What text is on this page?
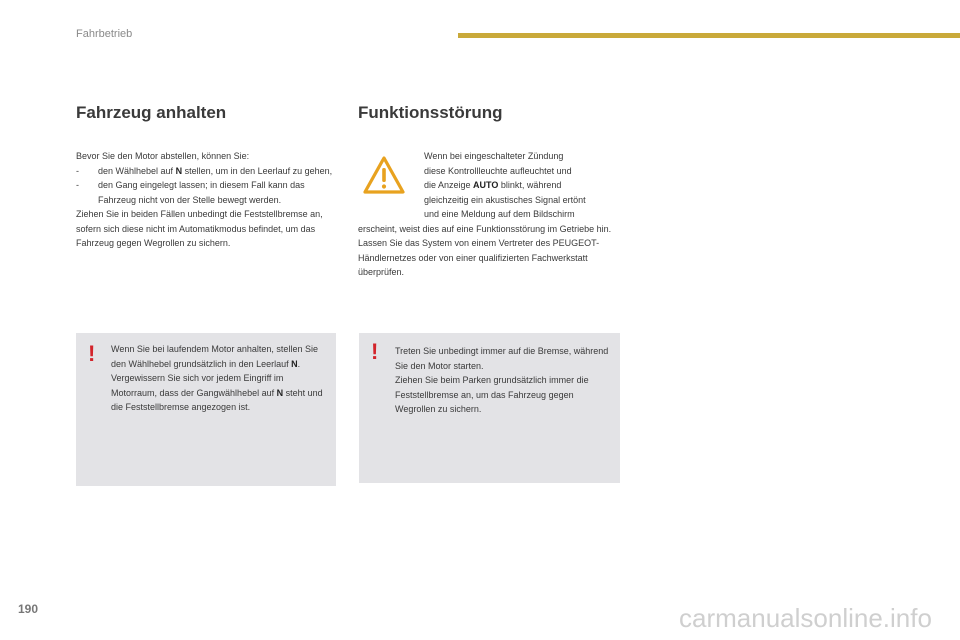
Fahrbetrieb
Fahrzeug anhalten	Funktionsstörung

Bevor Sie den Motor abstellen, können Sie:

- den Wählhebel auf N stellen, um in den Leerlauf zu gehen,
- den Gang eingelegt lassen; in diesem Fall kann das Fahrzeug nicht von der Stelle bewegt werden.

Ziehen Sie in beiden Fällen unbedingt die Feststellbremse an, sofern sich diese nicht im Automatikmodus befindet, um das Fahrzeug gegen Wegrollen zu sichern.

Wenn bei eingeschalteter Zündung
diese Kontrollleuchte aufleuchtet und
die Anzeige AUTO blinkt, während
gleichzeitig ein akustisches Signal ertönt
und eine Meldung auf dem Bildschirm

erscheint, weist dies auf eine Funktionsstörung im Getriebe hin.

Lassen Sie das System von einem Vertreter des PEUGEOT-Händlernetzes oder von einer qualifizierten Fachwerkstatt überprüfen.

! Wenn Sie bei laufendem Motor anhalten, stellen Sie den Wählhebel grundsätzlich in den Leerlauf N.
Vergewissern Sie sich vor jedem Eingriff im Motorraum, dass der Gangwählhebel auf N steht und die Feststellbremse angezogen ist.
! Treten Sie unbedingt immer auf die Bremse, während Sie den Motor starten.
Ziehen Sie beim Parken grundsätzlich immer die Feststellbremse an, um das Fahrzeug gegen Wegrollen zu sichern.
190	carmanualsonline.info
